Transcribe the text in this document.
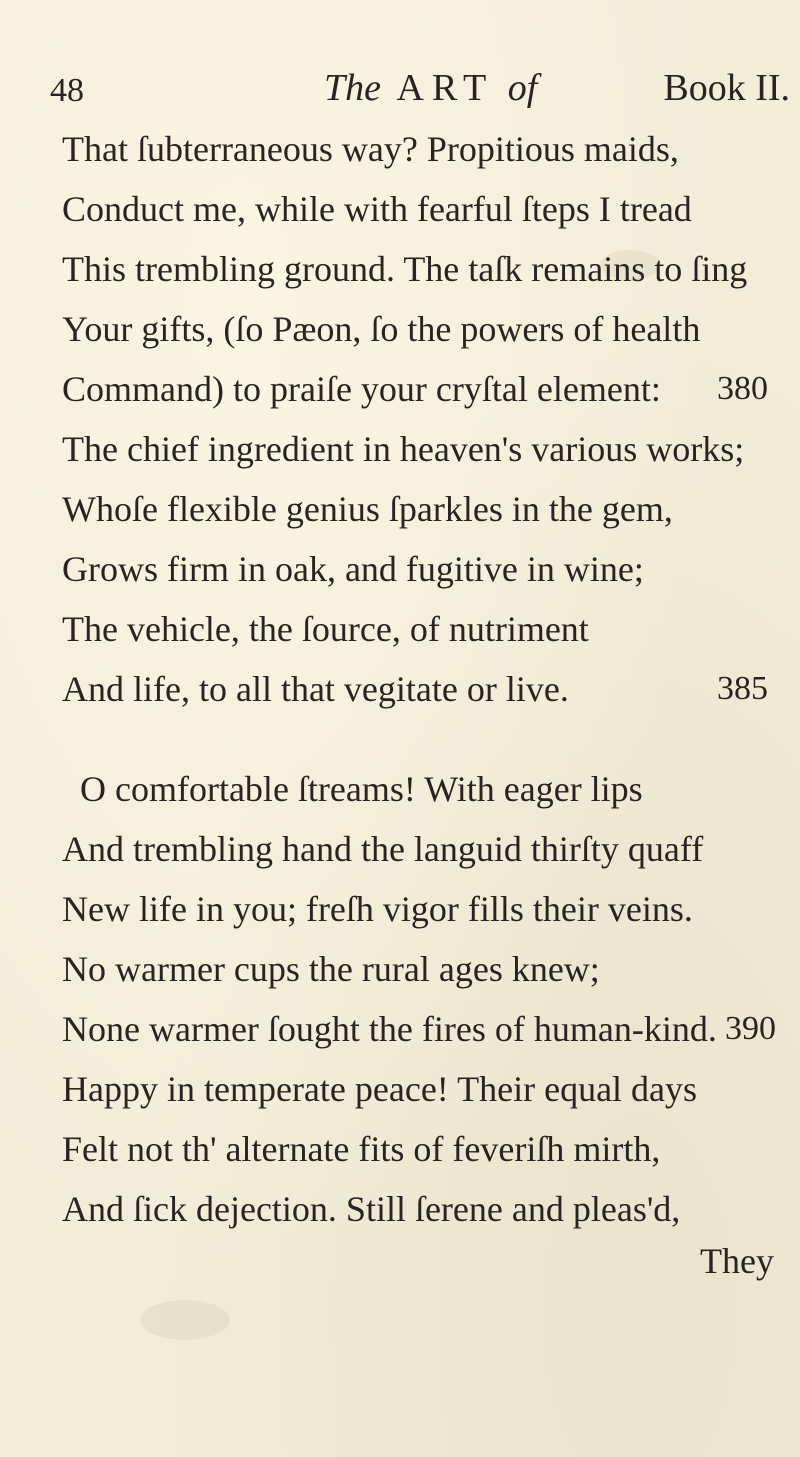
48	The ART of	Book II.
That ſubterraneous way? Propitious maids,
Conduct me, while with fearful ſteps I tread
This trembling ground. The taſk remains to ſing
Your gifts, (ſo Pæon, ſo the powers of health
Command) to praiſe your cryſtal element: 380
The chief ingredient in heaven's various works;
Whoſe flexible genius ſparkles in the gem,
Grows firm in oak, and fugitive in wine;
The vehicle, the ſource, of nutriment
And life, to all that vegitate or live.	385
O comfortable ſtreams! With eager lips
And trembling hand the languid thirſty quaff
New life in you; freſh vigor fills their veins.
No warmer cups the rural ages knew;
None warmer ſought the fires of human-kind. 390
Happy in temperate peace! Their equal days
Felt not th' alternate fits of feveriſh mirth,
And ſick dejection. Still ſerene and pleas'd,
They
